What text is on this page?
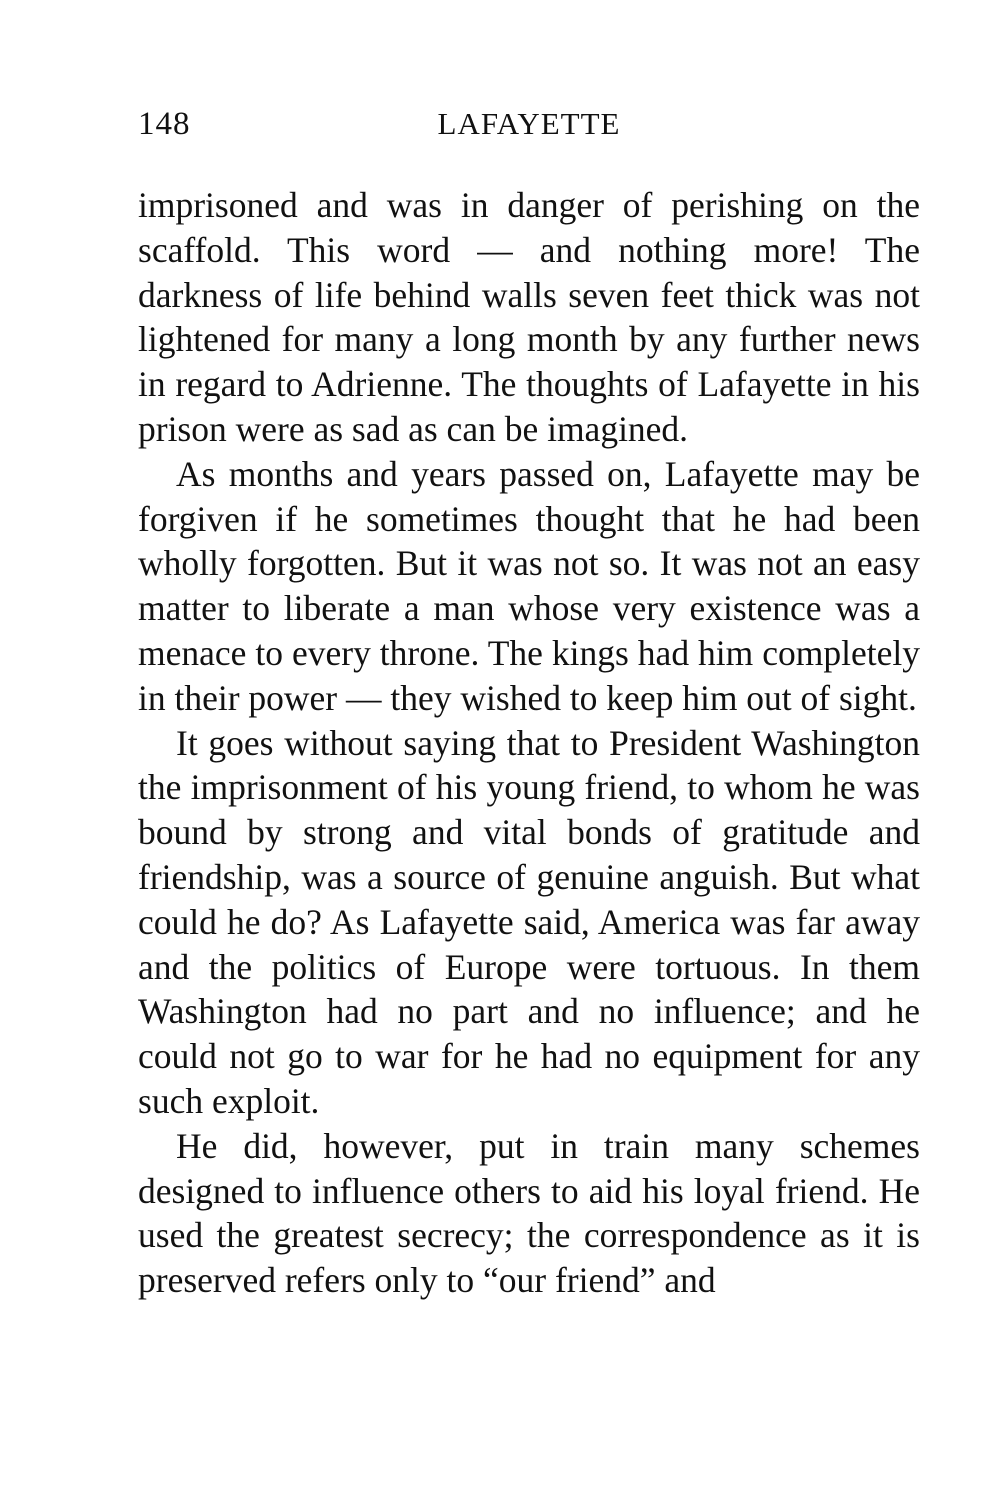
148	LAFAYETTE

imprisoned and was in danger of perishing on the scaffold. This word — and nothing more! The darkness of life behind walls seven feet thick was not lightened for many a long month by any further news in regard to Adrienne. The thoughts of Lafayette in his prison were as sad as can be imagined.

As months and years passed on, Lafayette may be forgiven if he sometimes thought that he had been wholly forgotten. But it was not so. It was not an easy matter to liberate a man whose very existence was a menace to every throne. The kings had him completely in their power — they wished to keep him out of sight.

It goes without saying that to President Washington the imprisonment of his young friend, to whom he was bound by strong and vital bonds of gratitude and friendship, was a source of genuine anguish. But what could he do? As Lafayette said, America was far away and the politics of Europe were tortuous. In them Washington had no part and no influence; and he could not go to war for he had no equipment for any such exploit.

He did, however, put in train many schemes designed to influence others to aid his loyal friend. He used the greatest secrecy; the correspondence as it is preserved refers only to “our friend” and
